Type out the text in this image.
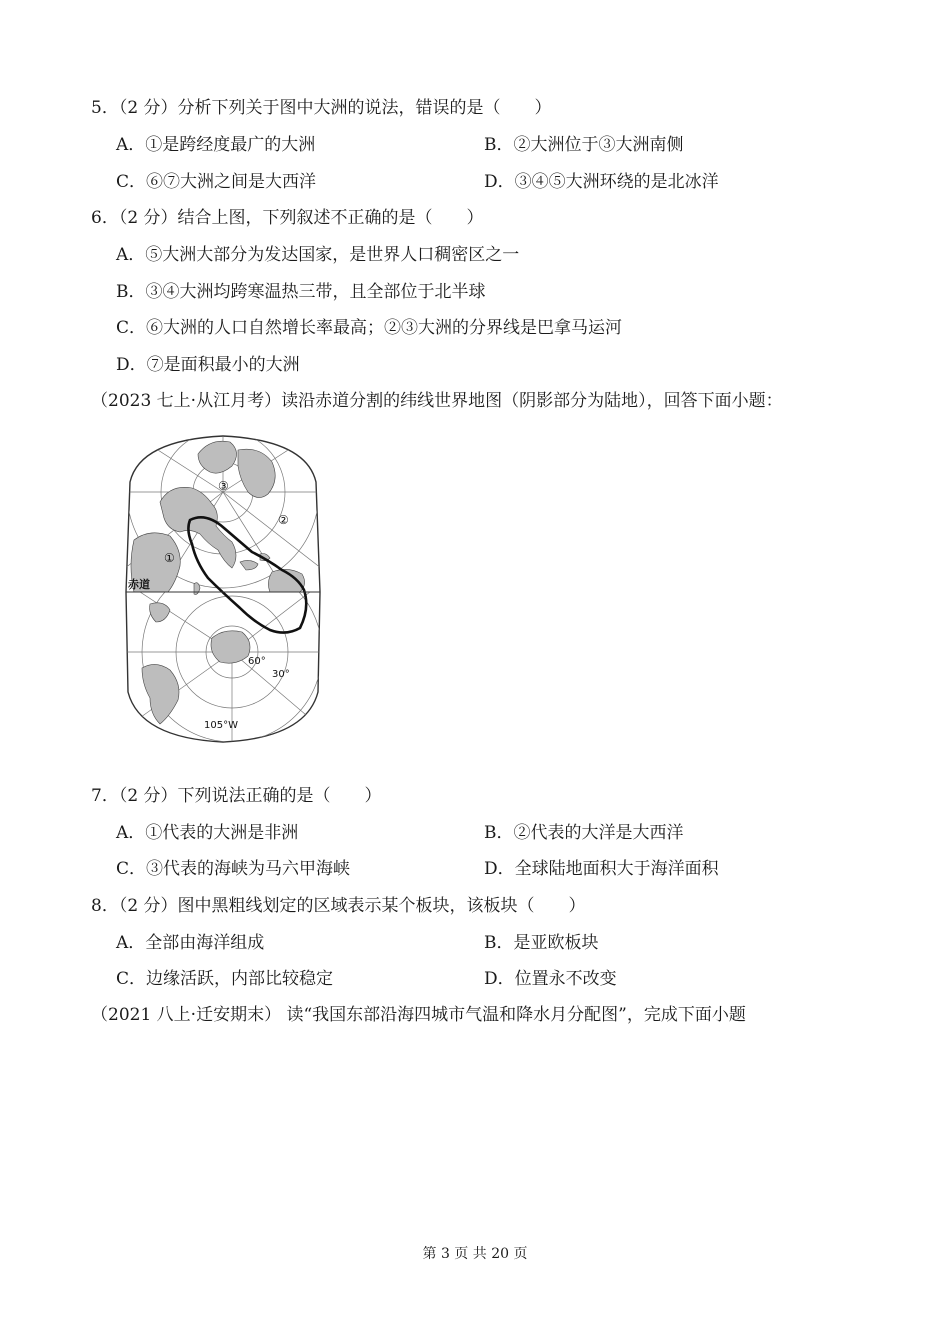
5．（2 分）分析下列关于图中大洲的说法，错误的是（　　）
A．①是跨经度最广的大洲	B．②大洲位于③大洲南侧
C．⑥⑦大洲之间是大西洋	D．③④⑤大洲环绕的是北冰洋
6．（2 分）结合上图，下列叙述不正确的是（　　）
A．⑤大洲大部分为发达国家，是世界人口稠密区之一
B．③④大洲均跨寒温热三带，且全部位于北半球
C．⑥大洲的人口自然增长率最高；②③大洲的分界线是巴拿马运河
D．⑦是面积最小的大洲
（2023 七上·从江月考）读沿赤道分割的纬线世界地图（阴影部分为陆地），回答下面小题：
①
②
③
赤道
60°
30°
105°W
7．（2 分）下列说法正确的是（　　）
A．①代表的大洲是非洲	B．②代表的大洋是大西洋
C．③代表的海峡为马六甲海峡	D．全球陆地面积大于海洋面积
8．（2 分）图中黑粗线划定的区域表示某个板块，该板块（　　）
A．全部由海洋组成	B．是亚欧板块
C．边缘活跃，内部比较稳定	D．位置永不改变
（2021 八上·迁安期末） 读“我国东部沿海四城市气温和降水月分配图”，完成下面小题
第 3 页 共 20 页
